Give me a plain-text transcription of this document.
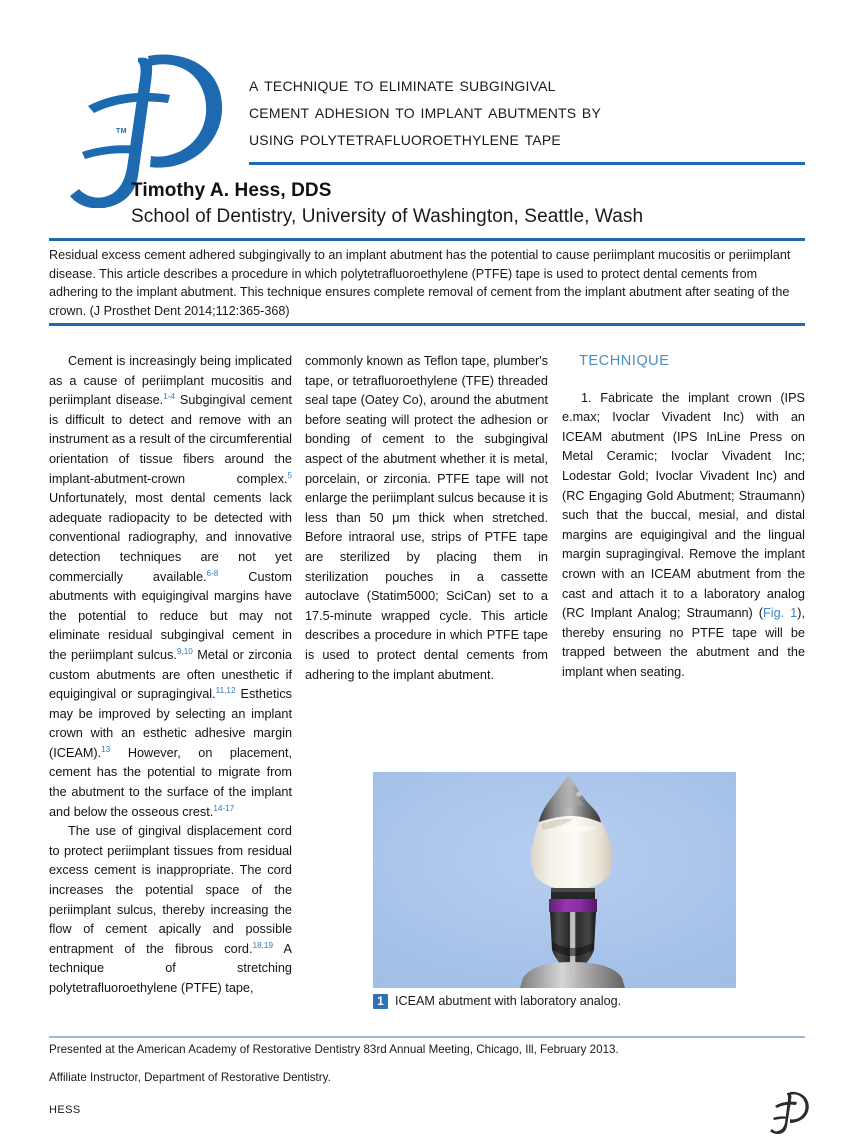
TM
a technique to eliminate subgingival
cement adhesion to implant abutments by
using polytetrafluoroethylene tape
Timothy A. Hess, DDS
School of Dentistry, University of Washington, Seattle, Wash
Residual excess cement adhered subgingivally to an implant abutment has the potential to cause periimplant mucositis or periimplant disease. This article describes a procedure in which polytetrafluoroethylene (PTFE) tape is used to protect dental cements from adhering to the implant abutment. This technique ensures complete removal of cement from the implant abutment after seating of the crown. (J Prosthet Dent 2014;112:365-368)

Cement is increasingly being implicated as a cause of periimplant mucositis and periimplant disease.$^{1-4}$ Subgingival cement is difficult to detect and remove with an instrument as a result of the circumferential orientation of tissue fibers around the implant-abutment-crown complex.$^5$ Unfortunately, most dental cements lack adequate radiopacity to be detected with conventional radiography, and innovative detection techniques are not yet commercially available.$^{6-8}$ Custom abutments with equigingival margins have the potential to reduce but may not eliminate residual subgingival cement in the periimplant sulcus.$^{9,10}$ Metal or zirconia custom abutments are often unesthetic if equigingival or supragingival.$^{11,12}$ Esthetics may be improved by selecting an implant crown with an esthetic adhesive margin (ICEAM).$^{13}$ However, on placement, cement has the potential to migrate from the abutment to the surface of the implant and below the osseous crest.$^{14-17}$

The use of gingival displacement cord to protect periimplant tissues from residual excess cement is inappropriate. The cord increases the potential space of the periimplant sulcus, thereby increasing the flow of cement apically and possible entrapment of the fibrous cord.$^{18,19}$ A technique of stretching polytetrafluoroethylene (PTFE) tape,

commonly known as Teflon tape, plumber's tape, or tetrafluoroethylene (TFE) threaded seal tape (Oatey Co), around the abutment before seating will protect the adhesion or bonding of cement to the subgingival aspect of the abutment whether it is metal, porcelain, or zirconia. PTFE tape will not enlarge the periimplant sulcus because it is less than 50 μm thick when stretched. Before intraoral use, strips of PTFE tape are sterilized by placing them in sterilization pouches in a cassette autoclave (Statim5000; SciCan) set to a 17.5-minute wrapped cycle. This article describes a procedure in which PTFE tape is used to protect dental cements from adhering to the implant abutment.

TECHNIQUE

1. Fabricate the implant crown (IPS e.max; Ivoclar Vivadent Inc) with an ICEAM abutment (IPS InLine Press on Metal Ceramic; Ivoclar Vivadent Inc; Lodestar Gold; Ivoclar Vivadent Inc) and (RC Engaging Gold Abutment; Straumann) such that the buccal, mesial, and distal margins are equigingival and the lingual margin supragingival. Remove the implant crown with an ICEAM abutment from the cast and attach it to a laboratory analog (RC Implant Analog; Straumann) (Fig. 1), thereby ensuring no PTFE tape will be trapped between the abutment and the implant when seating.

1 ICEAM abutment with laboratory analog.
Presented at the American Academy of Restorative Dentistry 83rd Annual Meeting, Chicago, Ill, February 2013.
Affiliate Instructor, Department of Restorative Dentistry.
hess
